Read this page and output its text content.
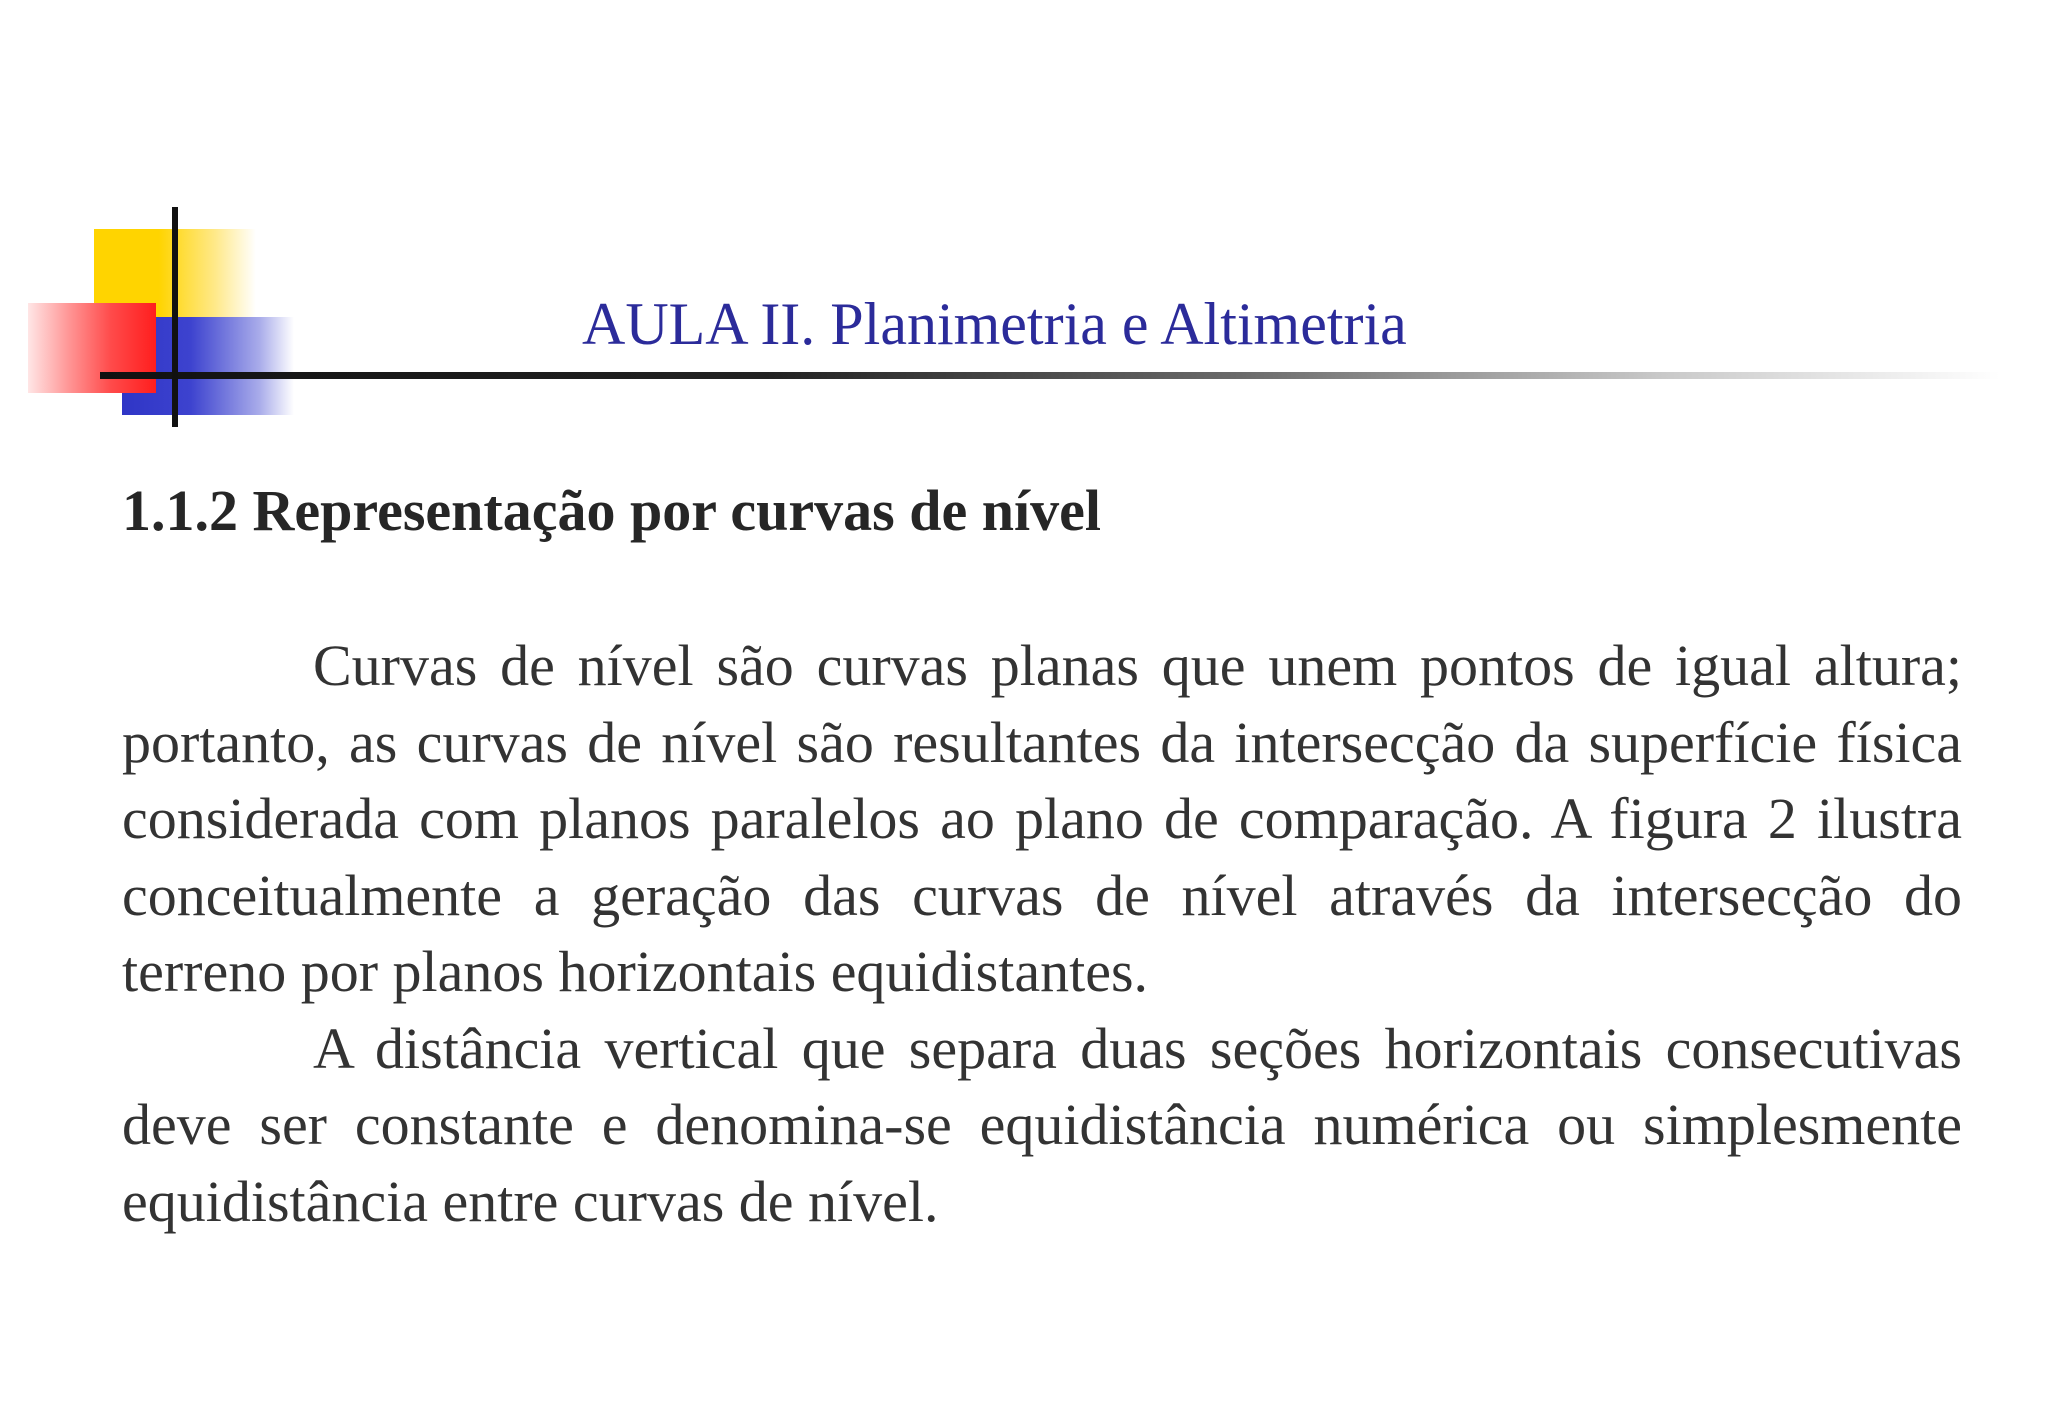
AULA II. Planimetria e Altimetria
1.1.2 Representação por curvas de nível

Curvas de nível são curvas planas que unem pontos de igual altura; portanto, as curvas de nível são resultantes da intersecção da superfície física considerada com planos paralelos ao plano de comparação. A figura 2 ilustra conceitualmente a geração das curvas de nível através da intersecção do terreno por planos horizontais equidistantes.

A distância vertical que separa duas seções horizontais consecutivas deve ser constante e denomina-se equidistância numérica ou simplesmente equidistância entre curvas de nível.
